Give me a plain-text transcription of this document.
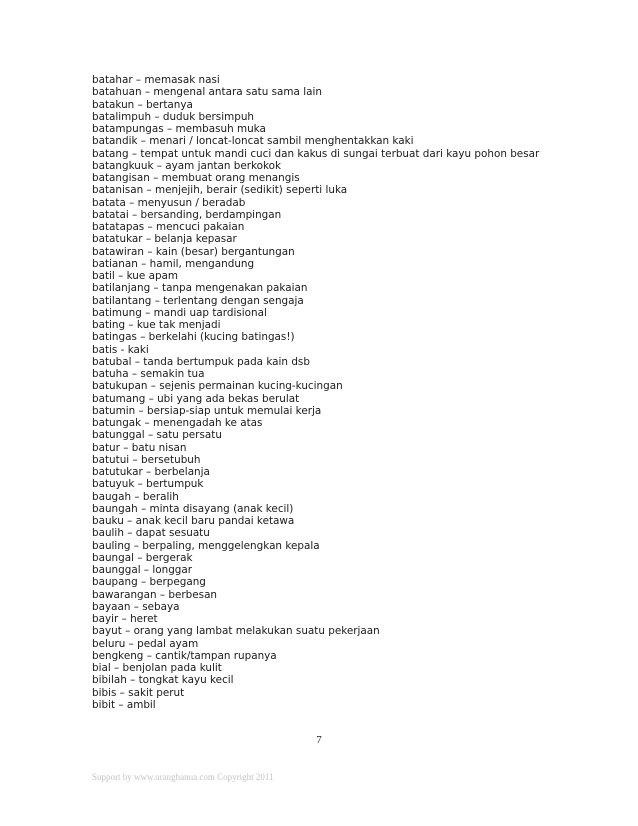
batahar – memasak nasi
batahuan – mengenal antara satu sama lain
batakun – bertanya
batalimpuh – duduk bersimpuh
batampungas – membasuh muka
batandik – menari / loncat-loncat sambil menghentakkan kaki
batang – tempat untuk mandi cuci dan kakus di sungai terbuat dari kayu pohon besar
batangkuuk – ayam jantan berkokok
batangisan – membuat orang menangis
batanisan – menjejih, berair (sedikit) seperti luka
batata – menyusun / beradab
batatai – bersanding, berdampingan
batatapas – mencuci pakaian
batatukar – belanja kepasar
batawiran – kain (besar) bergantungan
batianan – hamil, mengandung
batil – kue apam
batilanjang – tanpa mengenakan pakaian
batilantang – terlentang dengan sengaja
batimung – mandi uap tardisional
bating – kue tak menjadi
batingas – berkelahi (kucing batingas!)
batis - kaki
batubal – tanda bertumpuk pada kain dsb
batuha – semakin tua
batukupan – sejenis permainan kucing-kucingan
batumang – ubi yang ada bekas berulat
batumin – bersiap-siap untuk memulai kerja
batungak – menengadah ke atas
batunggal – satu persatu
batur – batu nisan
batutui – bersetubuh
batutukar – berbelanja
batuyuk – bertumpuk
baugah – beralih
baungah – minta disayang (anak kecil)
bauku – anak kecil baru pandai ketawa
baulih – dapat sesuatu
bauling – berpaling, menggelengkan kepala
baungal – bergerak
baunggal – longgar
baupang – berpegang
bawarangan – berbesan
bayaan – sebaya
bayir – heret
bayut – orang yang lambat melakukan suatu pekerjaan
beluru – pedal ayam
bengkeng – cantik/tampan rupanya
bial – benjolan pada kulit
bibilah – tongkat kayu kecil
bibis – sakit perut
bibit – ambil
7
Support by www.urangbanua.com Copyright 2011
